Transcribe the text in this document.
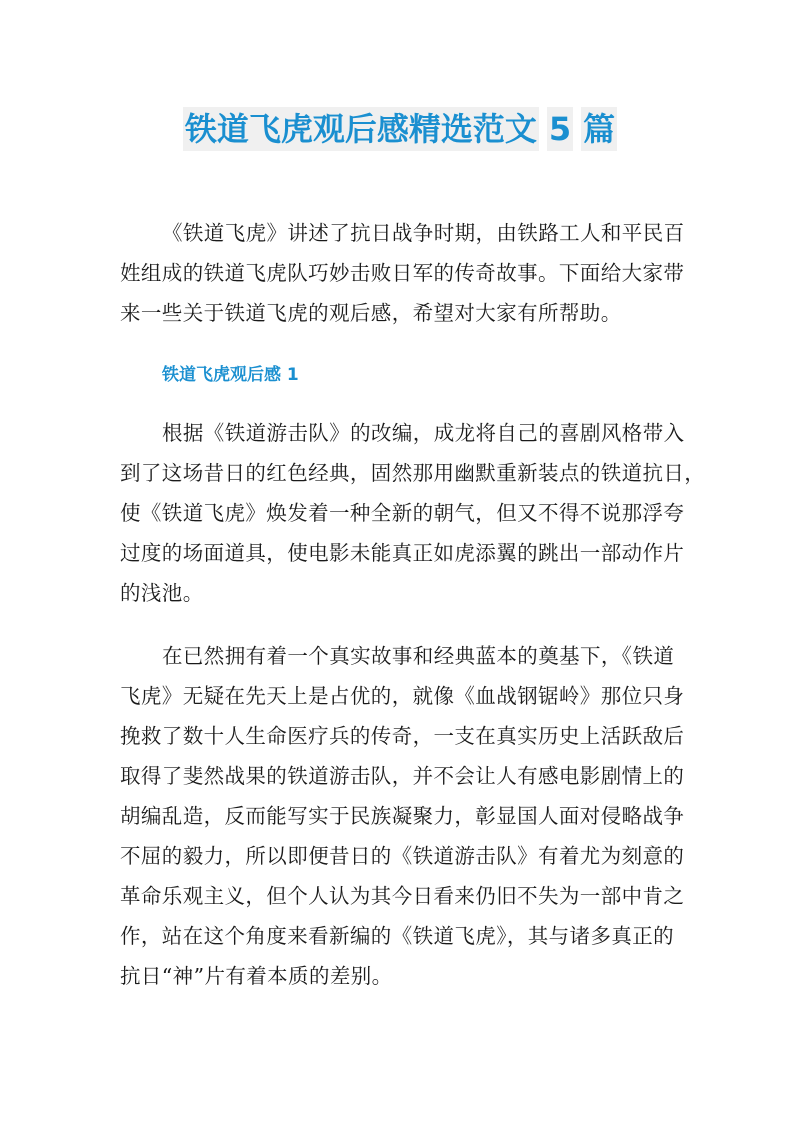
铁道飞虎观后感精选范文 5 篇
《铁道飞虎》讲述了抗日战争时期，由铁路工人和平民百
姓组成的铁道飞虎队巧妙击败日军的传奇故事。下面给大家带
来一些关于铁道飞虎的观后感，希望对大家有所帮助。
铁道飞虎观后感 1
根据《铁道游击队》的改编，成龙将自己的喜剧风格带入
到了这场昔日的红色经典，固然那用幽默重新装点的铁道抗日，
使《铁道飞虎》焕发着一种全新的朝气，但又不得不说那浮夸
过度的场面道具，使电影未能真正如虎添翼的跳出一部动作片
的浅池。
在已然拥有着一个真实故事和经典蓝本的奠基下，《铁道
飞虎》无疑在先天上是占优的，就像《血战钢锯岭》那位只身
挽救了数十人生命医疗兵的传奇，一支在真实历史上活跃敌后
取得了斐然战果的铁道游击队，并不会让人有感电影剧情上的
胡编乱造，反而能写实于民族凝聚力，彰显国人面对侵略战争
不屈的毅力，所以即便昔日的《铁道游击队》有着尤为刻意的
革命乐观主义，但个人认为其今日看来仍旧不失为一部中肯之
作，站在这个角度来看新编的《铁道飞虎》，其与诸多真正的
抗日“神”片有着本质的差别。
